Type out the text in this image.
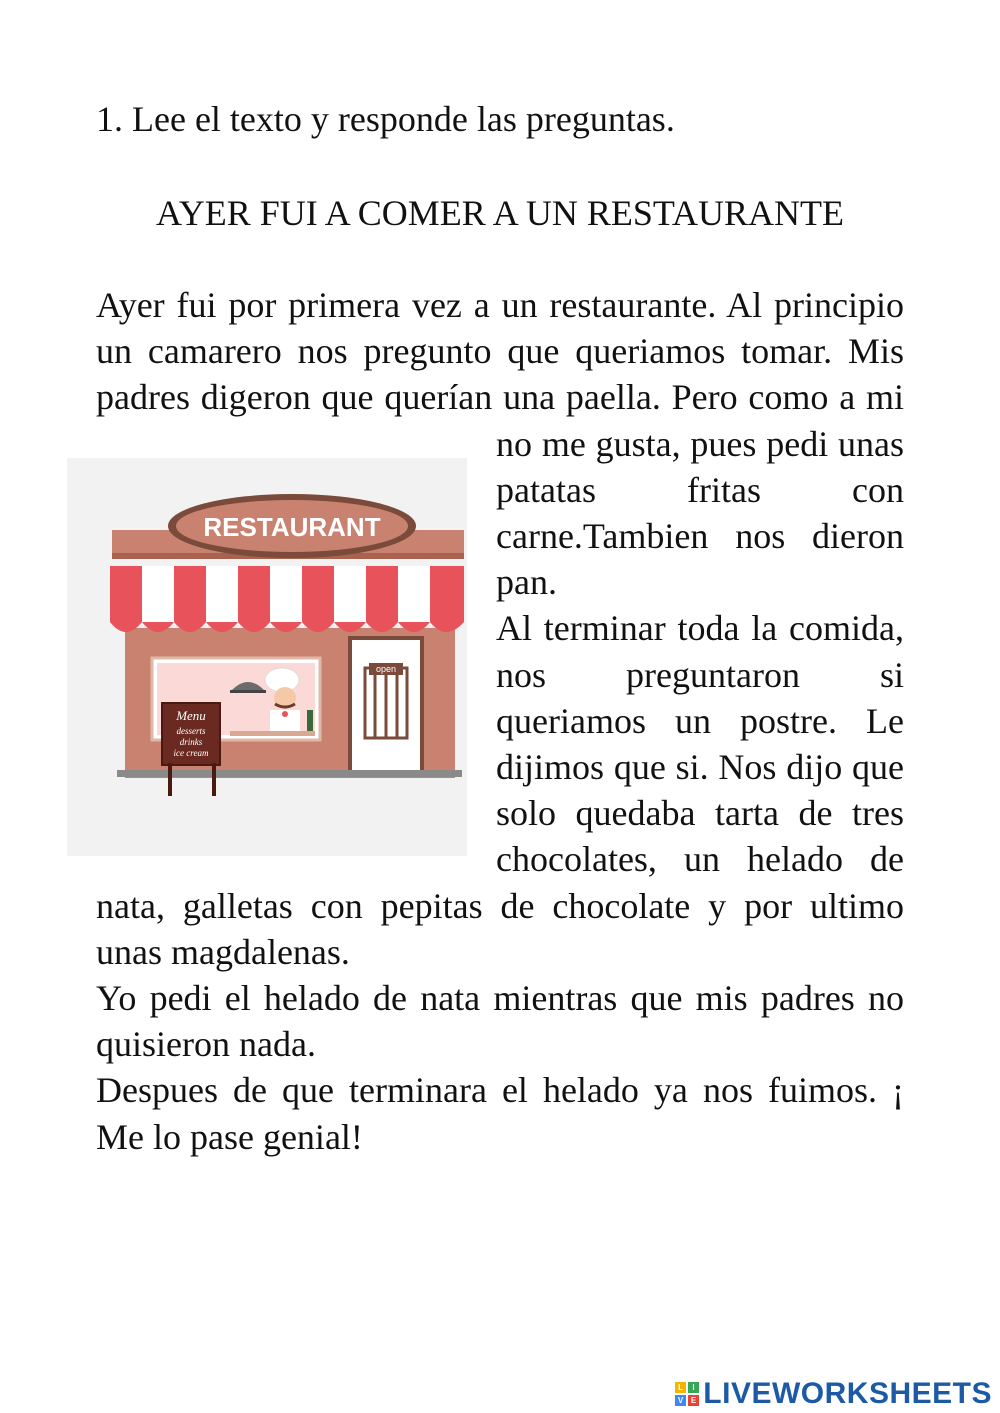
1. Lee el texto y responde las preguntas.
AYER FUI A COMER A UN RESTAURANTE

Ayer fui por primera vez a un restaurante. Al principio un camarero nos pregunto que queriamos tomar. Mis padres digeron que querían una paella. Pero como a mi no me gusta, pues pedi unas patatas fritas con carne.Tambien nos dieron pan.

Al terminar toda la comida, nos preguntaron si queriamos un postre. Le dijimos que si. Nos dijo que solo quedaba tarta de tres chocolates, un helado de nata, galletas con pepitas de chocolate y por ultimo unas magdalenas.

Yo pedi el helado de nata mientras que mis padres no quisieron nada.

Despues de que terminara el helado ya nos fuimos. ¡ Me lo pase genial!

RESTAURANT
open
Menu
desserts
drinks
ice cream
L	I
V E LIVEWORKSHEETS
